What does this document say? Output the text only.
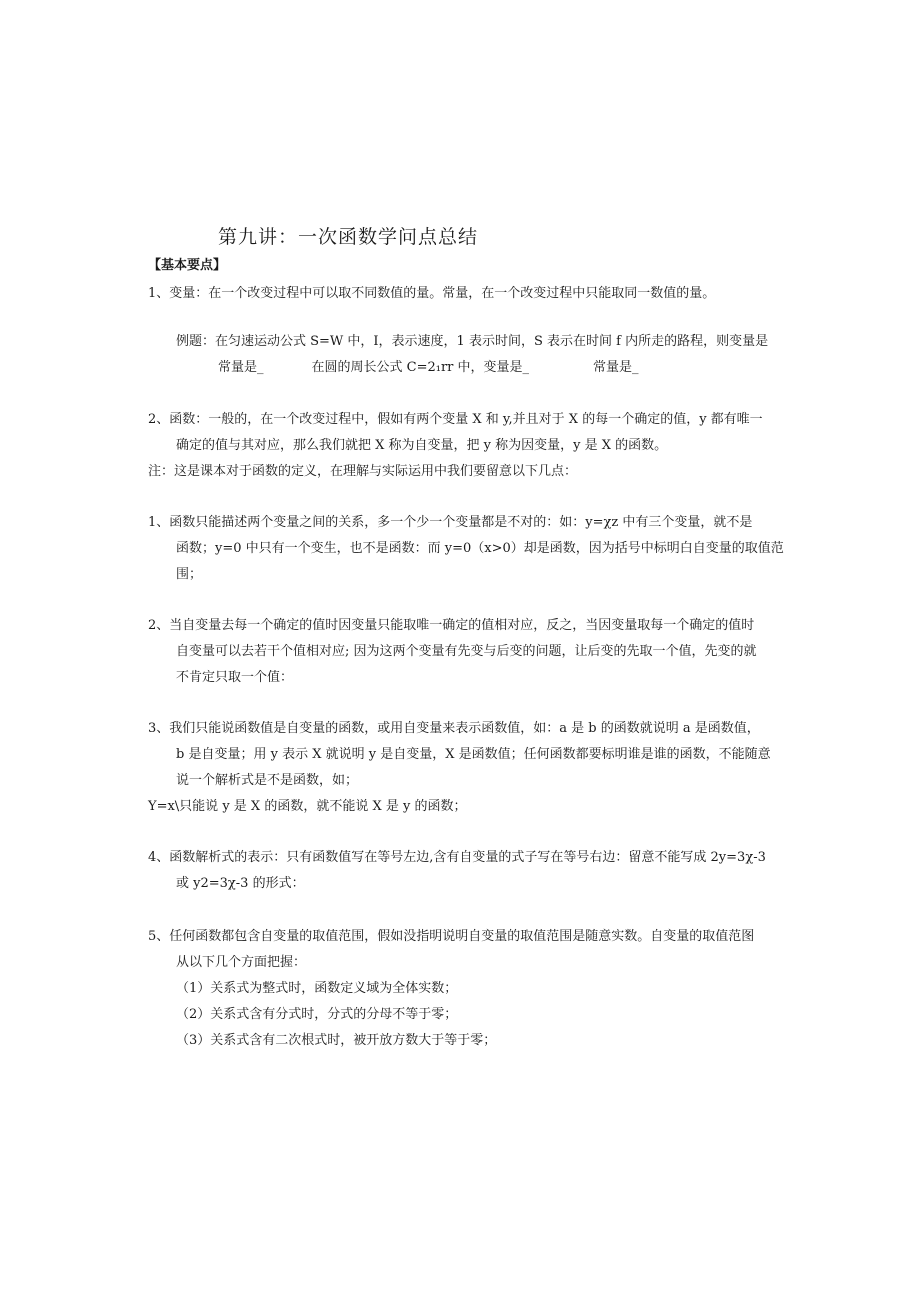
第九讲：一次函数学问点总结
【基本要点】
1、变量：在一个改变过程中可以取不同数值的量。常量，在一个改变过程中只能取同一数值的量。
例题：在匀速运动公式 S=W 中，I，表示速度，1 表示时间，S 表示在时间 f 内所走的路程，则变量是
常量是_	在圆的周长公式 C=2₁rr 中，变量是_	常量是_
2、函数：一般的，在一个改变过程中，假如有两个变量 X 和 y,并且对于 X 的每一个确定的值，y 都有唯一
确定的值与其对应，那么我们就把 X 称为自变量，把 y 称为因变量，y 是 X 的函数。
注：这是课本对于函数的定义，在理解与实际运用中我们要留意以下几点：
1、函数只能描述两个变量之间的关系，多一个少一个变量都是不对的：如：y=χz 中有三个变量，就不是
函数；y=0 中只有一个变生，也不是函数：而 y=0（x>0）却是函数，因为括号中标明白自变量的取值范
围；
2、当自变量去每一个确定的值时因变量只能取唯一确定的值相对应，反之，当因变量取每一个确定的值时
自变量可以去若干个值相对应; 因为这两个变量有先变与后变的问题，让后变的先取一个值，先变的就
不肯定只取一个值：
3、我们只能说函数值是自变量的函数，或用自变量来表示函数值，如：a 是 b 的函数就说明 a 是函数值，
b 是自变量；用 y 表示 X 就说明 y 是自变量，X 是函数值；任何函数都要标明谁是谁的函数，不能随意
说一个解析式是不是函数，如；
Y=x\只能说 y 是 X 的函数，就不能说 X 是 y 的函数；
4、函数解析式的表示：只有函数值写在等号左边,含有自变量的式子写在等号右边：留意不能写成 2y=3χ-3
或 y2=3χ-3 的形式：
5、任何函数都包含自变量的取值范围，假如没指明说明自变量的取值范围是随意实数。自变量的取值范图
从以下几个方面把握：
（1）关系式为整式时，函数定义域为全体实数；
（2）关系式含有分式时，分式的分母不等于零；
（3）关系式含有二次根式时，被开放方数大于等于零；
